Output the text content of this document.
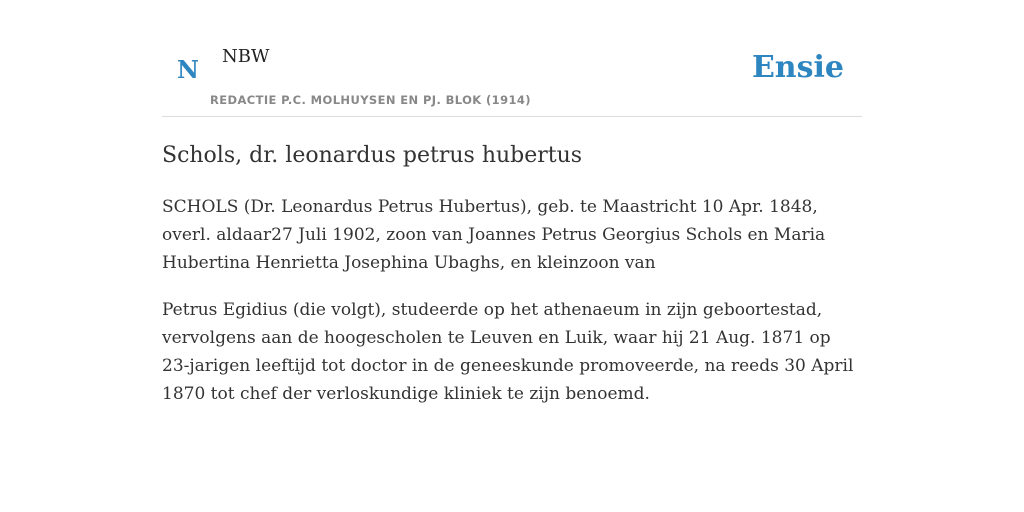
N NBW
REDACTIE P.C. MOLHUYSEN EN PJ. BLOK (1914)
Ensie
Schols, dr. leonardus petrus hubertus

SCHOLS (Dr. Leonardus Petrus Hubertus), geb. te Maastricht 10 Apr. 1848, overl. aldaar27 Juli 1902, zoon van Joannes Petrus Georgius Schols en Maria Hubertina Henrietta Josephina Ubaghs, en kleinzoon van

Petrus Egidius (die volgt), studeerde op het athenaeum in zijn geboortestad, vervolgens aan de hoogescholen te Leuven en Luik, waar hij 21 Aug. 1871 op 23-jarigen leeftijd tot doctor in de geneeskunde promoveerde, na reeds 30 April 1870 tot chef der verloskundige kliniek te zijn benoemd.
